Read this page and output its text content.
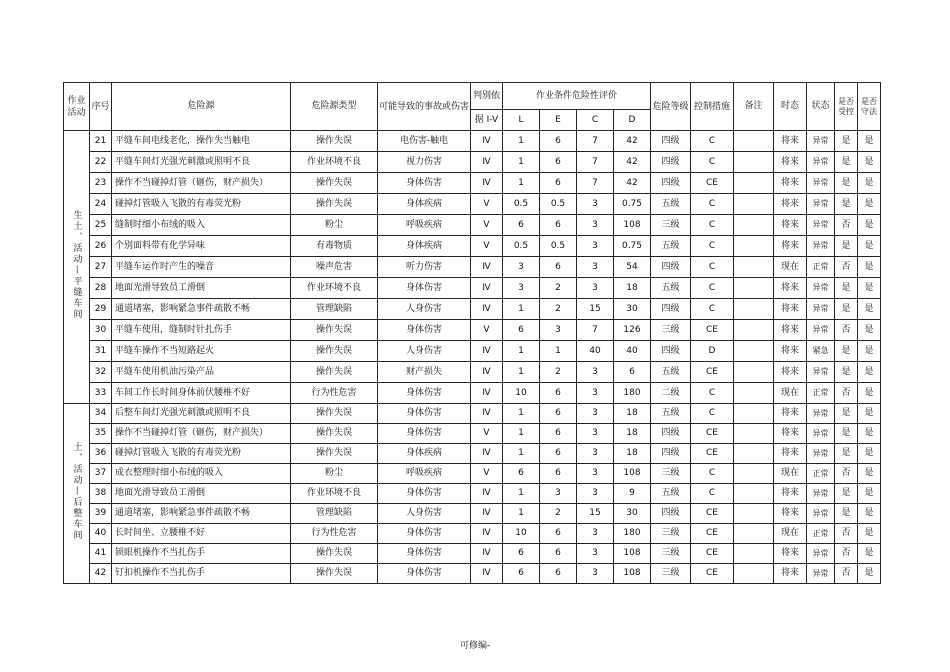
作业
活动	序号	危险源	危险源类型	可能导致的事故或伤害	判别依	作业条件危险性评价				危险等级	控制措施	备注	时态	状态	是否受控	是否守法
					据 I-V	L	E	C	D							
生土、活动—平缝车间	21	平缝车间电线老化，操作失当触电	操作失误	电伤害-触电	Ⅳ	1	6	7	42	四级	C		将来	异常	是	是
	22	平缝车间灯光强光刺激或照明不良	作业环境不良	视力伤害	Ⅳ	1	6	7	42	四级	C		将来	异常	是	是
	23	操作不当碰掉灯管（砸伤，财产损失）	操作失误	身体伤害	Ⅳ	1	6	7	42	四级	CE		将来	异常	是	是
	24	碰掉灯管吸入飞散的有毒荧光粉	操作失误	身体疾病	Ⅴ	0.5	0.5	3	0.75	五级	C		将来	异常	是	是
	25	缝制时细小布绒的吸入	粉尘	呼吸疾病	Ⅴ	6	6	3	108	三级	C		将来	异常	否	是
	26	个别面料带有化学异味	有毒物质	身体疾病	Ⅴ	0.5	0.5	3	0.75	五级	C		将来	异常	是	是
	27	平缝车运作时产生的噪音	噪声危害	听力伤害	Ⅳ	3	6	3	54	四级	C		现在	正常	否	是
	28	地面光滑导致员工滑倒	作业环境不良	身体伤害	Ⅳ	3	2	3	18	五级	C		将来	异常	是	是
	29	通道堵塞，影响紧急事件疏散不畅	管理缺陷	人身伤害	Ⅳ	1	2	15	30	四级	C		将来	异常	是	是
	30	平缝车使用，缝制时针扎伤手	操作失误	身体伤害	Ⅴ	6	3	7	126	三级	CE		将来	异常	否	是
	31	平缝车操作不当短路起火	操作失误	人身伤害	Ⅳ	1	1	40	40	四级	D		将来	紧急	是	是
	32	平缝车使用机油污染产品	操作失误	财产损失	Ⅳ	1	2	3	6	五级	CE		将来	异常	是	是
	33	车间工作长时间身体前伏腰椎不好	行为性危害	身体伤害	Ⅳ	10	6	3	180	二级	C		现在	正常	否	是
土、活动—后整车间	34	后整车间灯光强光刺激或照明不良	操作失误	身体伤害	Ⅳ	1	6	3	18	五级	C		将来	异常	是	是
	35	操作不当碰掉灯管（砸伤，财产损失）	操作失误	身体伤害	Ⅴ	1	6	3	18	四级	CE		将来	异常	是	是
	36	碰掉灯管吸入飞散的有毒荧光粉	操作失误	身体疾病	Ⅳ	1	6	3	18	四级	CE		将来	异常	是	是
	37	成衣整理时细小布绒的吸入	粉尘	呼吸疾病	Ⅴ	6	6	3	108	三级	C		现在	正常	否	是
	38	地面光滑导致员工滑倒	作业环境不良	身体伤害	Ⅳ	1	3	3	9	五级	C		将来	异常	是	是
	39	通道堵塞，影响紧急事件疏散不畅	管理缺陷	人身伤害	Ⅳ	1	2	15	30	四级	CE		将来	异常	是	是
	40	长时间坐、立腰椎不好	行为性危害	身体伤害	Ⅳ	10	6	3	180	三级	CE		现在	正常	否	是
	41	锁眼机操作不当扎伤手	操作失误	身体伤害	Ⅳ	6	6	3	108	三级	CE		将来	异常	否	是
	42	钉扣机操作不当扎伤手	操作失误	身体伤害	Ⅳ	6	6	3	108	三级	CE		将来	异常	否	是
可修编-
